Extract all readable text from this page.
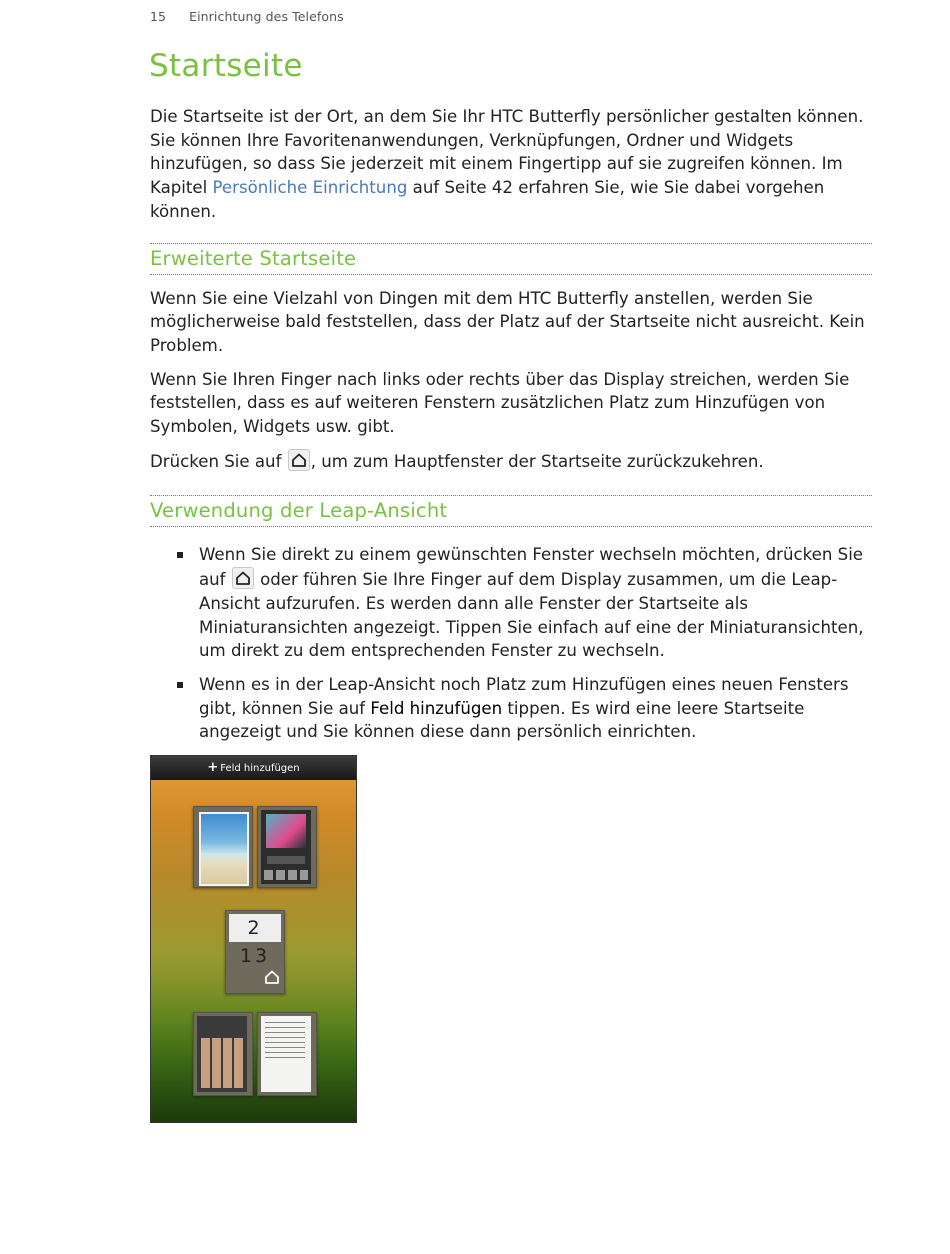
15 Einrichtung des Telefons
Startseite

Die Startseite ist der Ort, an dem Sie Ihr HTC Butterfly persönlicher gestalten können. Sie können Ihre Favoritenanwendungen, Verknüpfungen, Ordner und Widgets hinzufügen, so dass Sie jederzeit mit einem Fingertipp auf sie zugreifen können. Im Kapitel Persönliche Einrichtung auf Seite 42 erfahren Sie, wie Sie dabei vorgehen können.

Erweiterte Startseite

Wenn Sie eine Vielzahl von Dingen mit dem HTC Butterfly anstellen, werden Sie möglicherweise bald feststellen, dass der Platz auf der Startseite nicht ausreicht. Kein Problem.

Wenn Sie Ihren Finger nach links oder rechts über das Display streichen, werden Sie feststellen, dass es auf weiteren Fenstern zusätzlichen Platz zum Hinzufügen von Symbolen, Widgets usw. gibt.

Drücken Sie auf
, um zum Hauptfenster der Startseite zurückzukehren.

Verwendung der Leap-Ansicht
Wenn Sie direkt zu einem gewünschten Fenster wechseln möchten, drücken Sie auf
oder führen Sie Ihre Finger auf dem Display zusammen, um die Leap-Ansicht aufzurufen. Es werden dann alle Fenster der Startseite als Miniaturansichten angezeigt. Tippen Sie einfach auf eine der Miniaturansichten, um direkt zu dem entsprechenden Fenster zu wechseln.
Wenn es in der Leap-Ansicht noch Platz zum Hinzufügen eines neuen Fensters gibt, können Sie auf Feld hinzufügen tippen. Es wird eine leere Startseite angezeigt und Sie können diese dann persönlich einrichten.
+ Feld hinzufügen
2 13
